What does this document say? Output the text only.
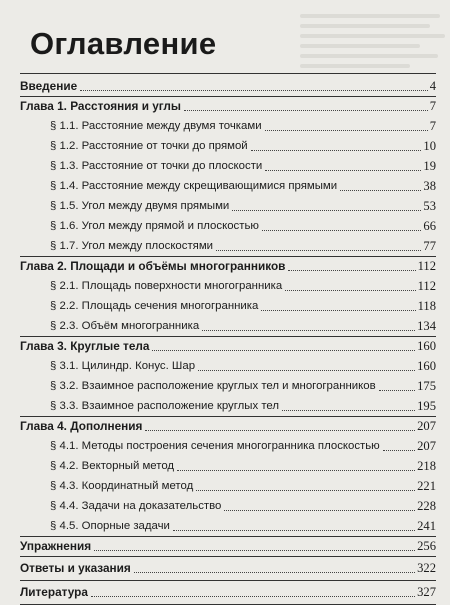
Оглавление
Введение	4
Глава 1. Расстояния и углы	7
§ 1.1. Расстояние между двумя точками	7
§ 1.2. Расстояние от точки до прямой	10
§ 1.3. Расстояние от точки до плоскости	19
§ 1.4. Расстояние между скрещивающимися прямыми	38
§ 1.5. Угол между двумя прямыми	53
§ 1.6. Угол между прямой и плоскостью	66
§ 1.7. Угол между плоскостями	77
Глава 2. Площади и объёмы многогранников	112
§ 2.1. Площадь поверхности многогранника	112
§ 2.2. Площадь сечения многогранника	118
§ 2.3. Объём многогранника	134
Глава 3. Круглые тела	160
§ 3.1. Цилиндр. Конус. Шар	160
§ 3.2. Взаимное расположение круглых тел и многогранников	175
§ 3.3. Взаимное расположение круглых тел	195
Глава 4. Дополнения	207
§ 4.1. Методы построения сечения многогранника плоскостью	207
§ 4.2. Векторный метод	218
§ 4.3. Координатный метод	221
§ 4.4. Задачи на доказательство	228
§ 4.5. Опорные задачи	241
Упражнения	256
Ответы и указания	322
Литература	327
